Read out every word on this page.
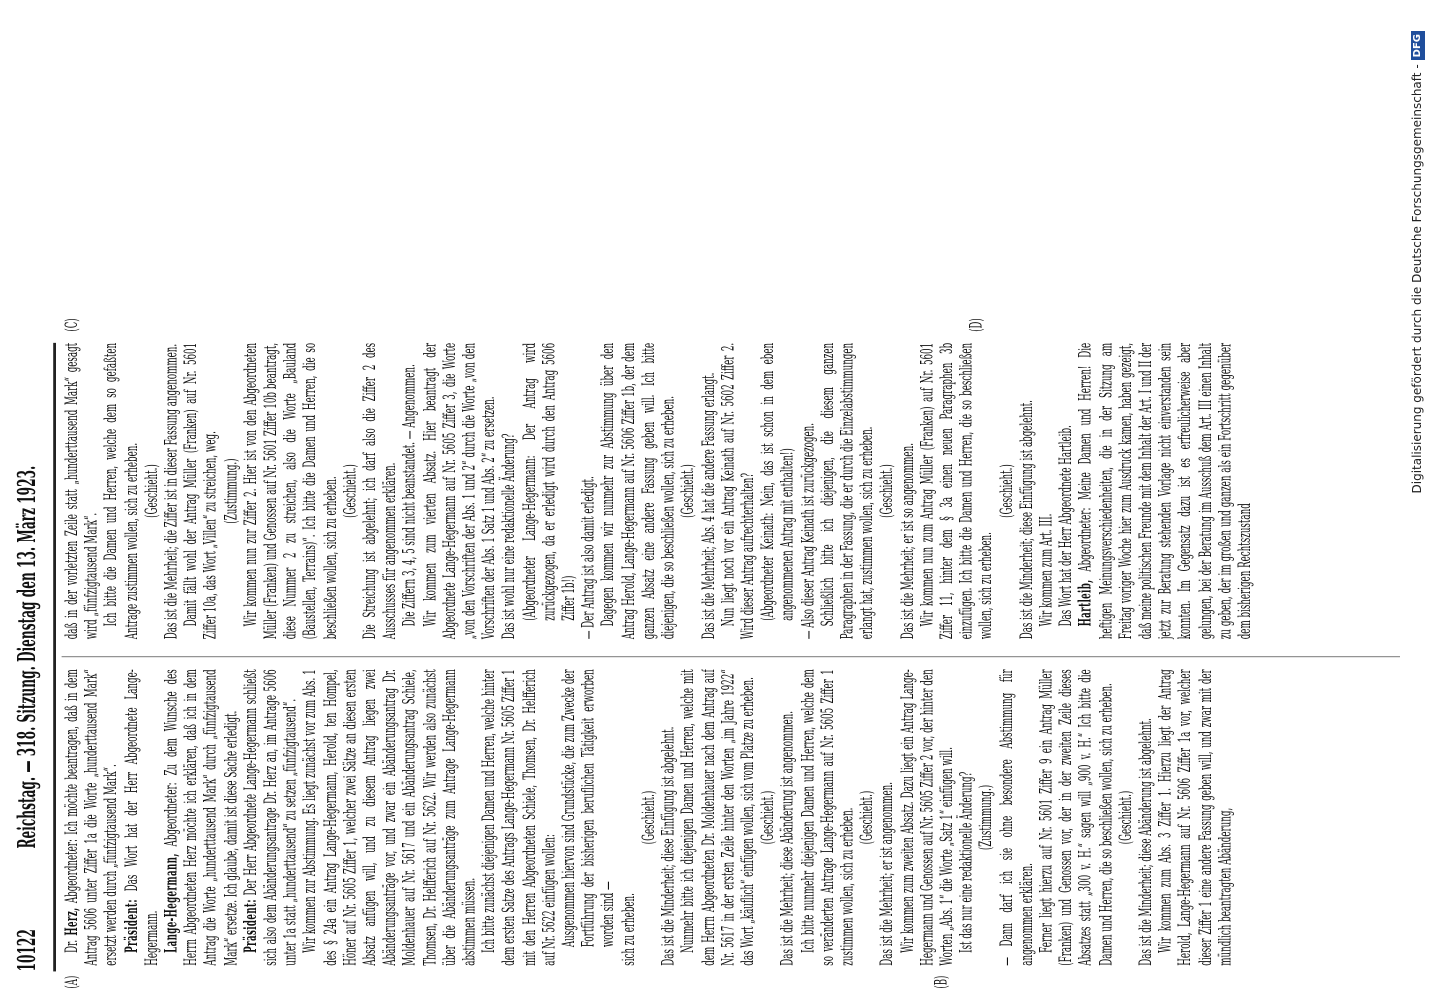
10122
Reichstag. — 318. Sitzung. Dienstag den 13. März 1923.
(A)	(B)
(C)	(D)

Dr. Herz, Abgeordneter: Ich möchte beantragen, daß in dem Antrag 5606 unter Ziffer 1a die Worte „hunderttausend Mark“ ersetzt werden durch „fünfzigtausend Mark“. Präsident: Das Wort hat der Herr Abgeordnete Lange-Hegermann. Lange-Hegermann, Abgeordneter: Zu dem Wunsche des Herrn Abgeordneten Herz möchte ich erklären, daß ich in dem Antrag die Worte „hunderttausend Mark“ durch „fünfzigtausend Mark“ ersetze. Ich glaube, damit ist diese Sache erledigt. Präsident: Der Herr Abgeordnete Lange-Hegermann schließt sich also dem Abänderungsantrage Dr. Herz an, im Antrage 5606 unter 1a statt „hunderttausend“ zu setzen „fünfzigtausend“. Wir kommen zur Abstimmung. Es liegt zunächst vor zum Abs. 1 des § 24a ein Antrag Lange-Hegermann, Herold, ten Hompel, Höner auf Nr. 5605 Ziffer 1, welcher zwei Sätze an diesen ersten Absatz anfügen will, und zu diesem Antrag liegen zwei Abänderungsanträge vor, und zwar ein Abänderungsantrag Dr. Moldenhauer auf Nr. 5617 und ein Abänderungsantrag Schiele, Thomsen, Dr. Helfferich auf Nr. 5622. Wir werden also zunächst über die Abänderungsanträge zum Antrage Lange-Hegermann abstimmen müssen. Ich bitte zunächst diejenigen Damen und Herren, welche hinter dem ersten Satze des Antrags Lange-Hegermann Nr. 5605 Ziffer 1 mit den Herren Abgeordneten Schiele, Thomsen, Dr. Helfferich auf Nr. 5622 einfügen wollen: Ausgenommen hiervon sind Grundstücke, die zum Zwecke der Fortführung der bisherigen beruflichen Tätigkeit erworben worden sind — sich zu erheben.

(Geschieht.) Das ist die Minderheit; diese Einfügung ist abgelehnt. Nunmehr bitte ich diejenigen Damen und Herren, welche mit dem Herrn Abgeordneten Dr. Moldenhauer nach dem Antrag auf Nr. 5617 in der ersten Zeile hinter den Worten „im Jahre 1922“ das Wort „käuflich“ einfügen wollen, sich vom Platze zu erheben. (Geschieht.) Das ist die Mehrheit; diese Abänderung ist angenommen. Ich bitte nunmehr diejenigen Damen und Herren, welche dem so veränderten Antrage Lange-Hegermann auf Nr. 5605 Ziffer 1 zustimmen wollen, sich zu erheben. (Geschieht.) Das ist die Mehrheit; er ist angenommen. Wir kommen zum zweiten Absatz. Dazu liegt ein Antrag Lange-Hegermann und Genossen auf Nr. 5605 Ziffer 2 vor, der hinter den Worten „Abs. 1“ die Worte „Satz 1“ einfügen will. Ist das nur eine redaktionelle Änderung? (Zustimmung.) — Dann darf ich sie ohne besondere Abstimmung für angenommen erklären. Ferner liegt hierzu auf Nr. 5601 Ziffer 9 ein Antrag Müller (Franken) und Genossen vor, der in der zweiten Zeile dieses Absatzes statt „300 v. H.“ sagen will „900 v. H.“ Ich bitte die Damen und Herren, die so beschließen wollen, sich zu erheben. (Geschieht.) Das ist die Minderheit; diese Abänderung ist abgelehnt. Wir kommen zum Abs. 3 Ziffer 1. Hierzu liegt der Antrag Herold, Lange-Hegermann auf Nr. 5606 Ziffer 1a vor, welcher dieser Ziffer 1 eine andere Fassung geben will, und zwar mit der mündlich beantragten Abänderung,

daß in der vorletzten Zeile statt „hunderttausend Mark“ gesagt wird „fünfzigtausend Mark“. Ich bitte die Damen und Herren, welche dem so gefaßten Antrage zustimmen wollen, sich zu erheben. (Geschieht.) Das ist die Mehrheit; die Ziffer ist in dieser Fassung angenommen. Damit fällt wohl der Antrag Müller (Franken) auf Nr. 5601 Ziffer 10a, das Wort „Villen“ zu streichen, weg. (Zustimmung.) Wir kommen nun zur Ziffer 2. Hier ist von den Abgeordneten Müller (Franken) und Genossen auf Nr. 5601 Ziffer 10b beantragt, diese Nummer 2 zu streichen, also die Worte „Bauland (Baustellen, Terrains)“. Ich bitte die Damen und Herren, die so beschließen wollen, sich zu erheben. (Geschieht.) Die Streichung ist abgelehnt; ich darf also die Ziffer 2 des Ausschusses für angenommen erklären. Die Ziffern 3, 4, 5 sind nicht beanstandet. — Angenommen. Wir kommen zum vierten Absatz. Hier beantragt der Abgeordnete Lange-Hegermann auf Nr. 5605 Ziffer 3, die Worte „von den Vorschriften der Abs. 1 und 2“ durch die Worte „von den Vorschriften der Abs. 1 Satz 1 und Abs. 2“ zu ersetzen. Das ist wohl nur eine redaktionelle Änderung? (Abgeordneter Lange-Hegermann: Der Antrag wird zurückgezogen, da er erledigt wird durch den Antrag 5606 Ziffer 1b!) — Der Antrag ist also damit erledigt. Dagegen kommen wir nunmehr zur Abstimmung über den Antrag Herold, Lange-Hegermann auf Nr. 5606 Ziffer 1b, der dem ganzen Absatz eine andere Fassung geben will. Ich bitte diejenigen, die so beschließen wollen, sich zu erheben. (Geschieht.) Das ist die Mehrheit; Abs. 4 hat die andere Fassung erlangt. Nun liegt noch vor ein Antrag Keinath auf Nr. 5602 Ziffer 2. Wird dieser Antrag aufrechterhalten? (Abgeordneter Keinath: Nein, das ist schon in dem eben angenommenen Antrag mit enthalten!) — Also dieser Antrag Keinath ist zurückgezogen. Schließlich bitte ich diejenigen, die diesem ganzen Paragraphen in der Fassung, die er durch die Einzelabstimmungen erlangt hat, zustimmen wollen, sich zu erheben. (Geschieht.) Das ist die Mehrheit; er ist so angenommen. Wir kommen nun zum Antrag Müller (Franken) auf Nr. 5601 Ziffer 11, hinter dem § 3a einen neuen Paragraphen 3b einzufügen. Ich bitte die Damen und Herren, die so beschließen wollen, sich zu erheben.

(Geschieht.) Das ist die Minderheit; diese Einfügung ist abgelehnt. Wir kommen zum Art. III. Das Wort hat der Herr Abgeordnete Hartleib. Hartleib, Abgeordneter: Meine Damen und Herren! Die heftigen Meinungsverschiedenheiten, die in der Sitzung am Freitag voriger Woche hier zum Ausdruck kamen, haben gezeigt, daß meine politischen Freunde mit dem Inhalt der Art. I und II der jetzt zur Beratung stehenden Vorlage nicht einverstanden sein konnten. Im Gegensatz dazu ist es erfreulicherweise aber gelungen, bei der Beratung im Ausschuß dem Art. III einen Inhalt zu geben, der im großen und ganzen als ein Fortschritt gegenüber dem bisherigen Rechtszustand

Digitalisierung gefördert durch die Deutsche Forschungsgemeinschaft -DFG
